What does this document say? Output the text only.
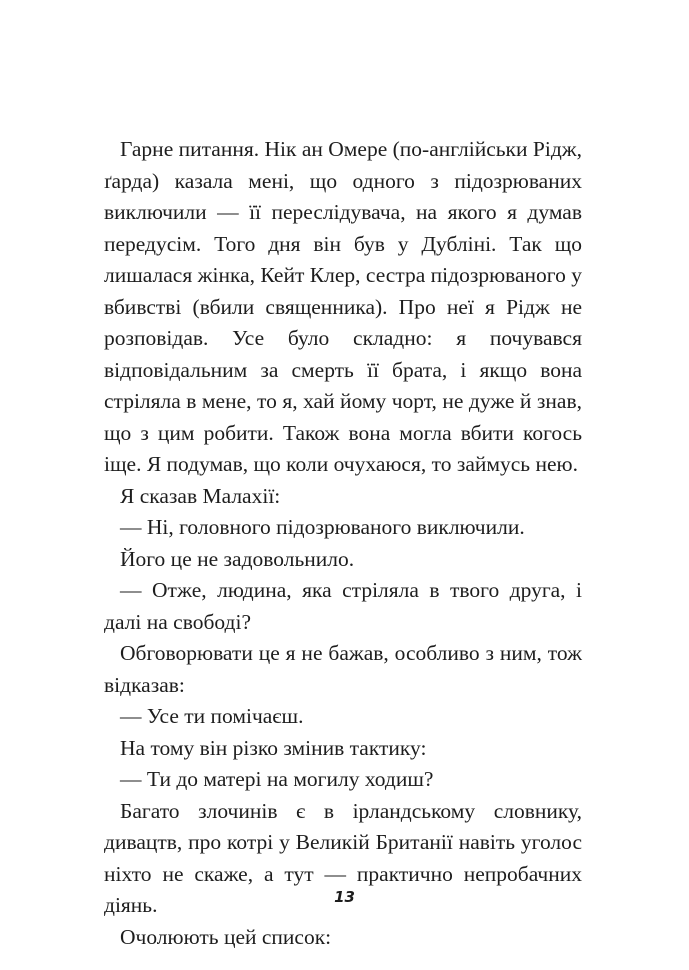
Гарне питання. Нік ан Омере (по-англійськи Рідж, ґарда) казала мені, що одного з підозрюваних виключили — її переслідувача, на якого я думав передусім. Того дня він був у Дубліні. Так що лишалася жінка, Кейт Клер, сестра підозрюваного у вбивстві (вбили священника). Про неї я Рідж не розповідав. Усе було складно: я почувався відповідальним за смерть її брата, і якщо вона стріляла в мене, то я, хай йому чорт, не дуже й знав, що з цим робити. Також вона могла вбити когось іще. Я подумав, що коли очухаюся, то займусь нею.

Я сказав Малахії:

— Ні, головного підозрюваного виключили.

Його це не задовольнило.

— Отже, людина, яка стріляла в твого друга, і далі на свободі?

Обговорювати це я не бажав, особливо з ним, тож відказав:

— Усе ти помічаєш.

На тому він різко змінив тактику:

— Ти до матері на могилу ходиш?

Багато злочинів є в ірландському словнику, дивацтв, про котрі у Великій Британії навіть уголос ніхто не скаже, а тут — практично непробачних діянь.

Очолюють цей список:

13
